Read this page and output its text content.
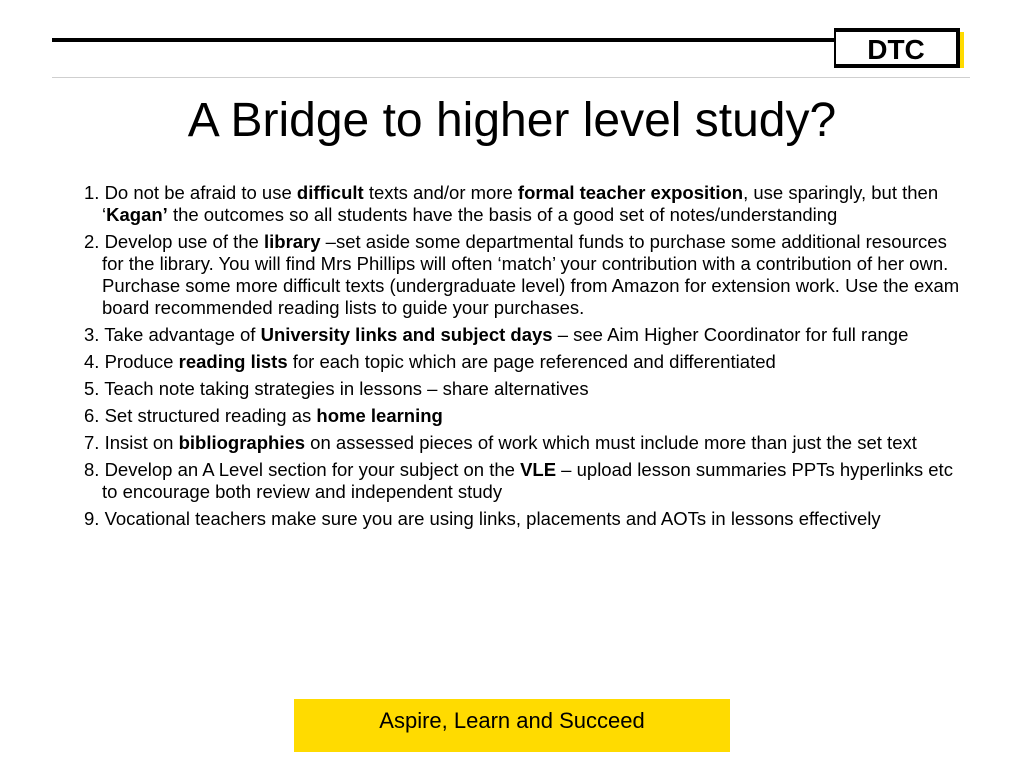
DTC
A Bridge to higher level study?

1. Do not be afraid to use difficult texts and/or more formal teacher exposition, use sparingly, but then ‘Kagan’ the outcomes so all students have the basis of a good set of notes/understanding

2. Develop use of the library –set aside some departmental funds to purchase some additional resources for the library. You will find Mrs Phillips will often ‘match’ your contribution with a contribution of her own. Purchase some more difficult texts (undergraduate level) from Amazon for extension work. Use the exam board recommended reading lists to guide your purchases.

3. Take advantage of University links and subject days – see Aim Higher Coordinator for full range

4. Produce reading lists for each topic which are page referenced and differentiated

5. Teach note taking strategies in lessons – share alternatives

6. Set structured reading as home learning

7. Insist on bibliographies on assessed pieces of work which must include more than just the set text

8. Develop an A Level section for your subject on the VLE – upload lesson summaries PPTs hyperlinks etc to encourage both review and independent study

9. Vocational teachers make sure you are using links, placements and AOTs in lessons effectively

Aspire, Learn and Succeed
